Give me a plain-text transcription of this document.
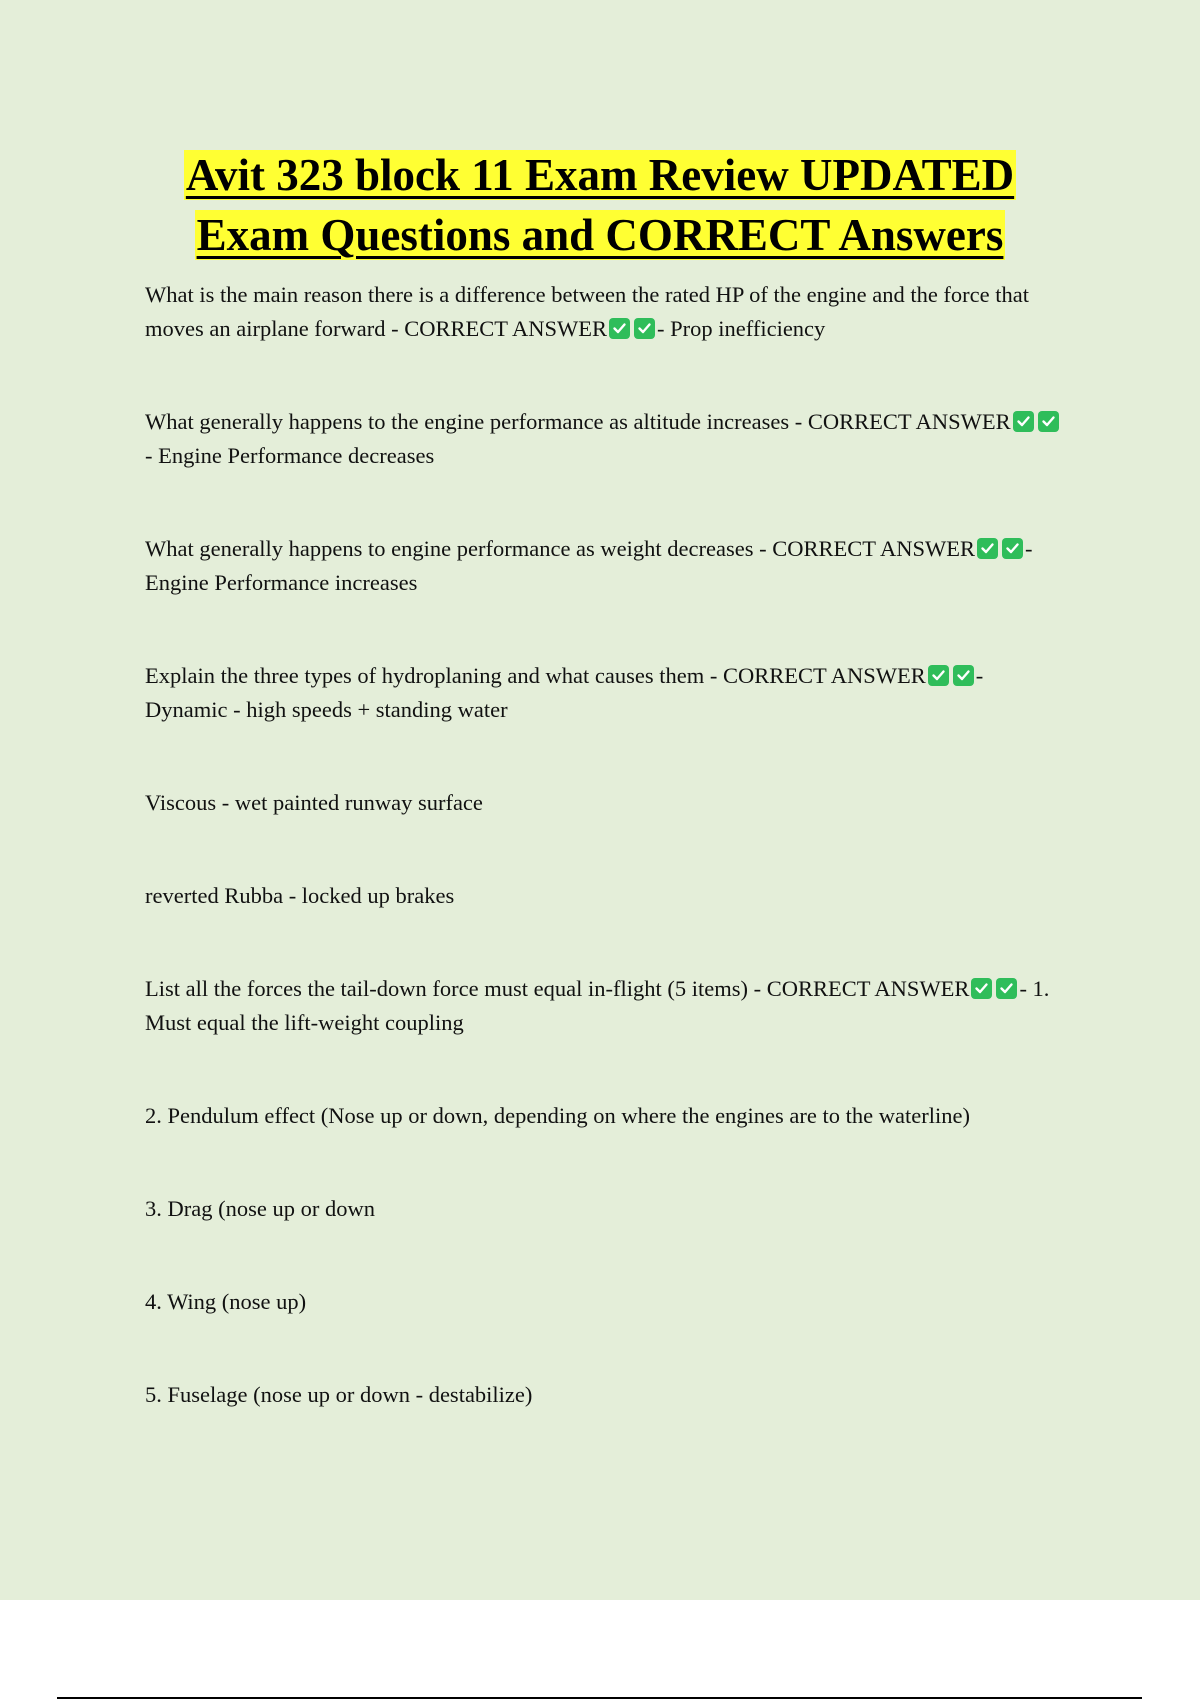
Avit 323 block 11 Exam Review UPDATED
Exam Questions and CORRECT Answers

What is the main reason there is a difference between the rated HP of the engine and the force that moves an airplane forward - CORRECT ANSWER - Prop inefficiency

What generally happens to the engine performance as altitude increases - CORRECT ANSWER
- Engine Performance decreases

What generally happens to engine performance as weight decreases - CORRECT ANSWER - Engine Performance increases

Explain the three types of hydroplaning and what causes them - CORRECT ANSWER - Dynamic - high speeds + standing water

Viscous - wet painted runway surface

reverted Rubba - locked up brakes

List all the forces the tail-down force must equal in-flight (5 items) - CORRECT ANSWER - 1. Must equal the lift-weight coupling

2. Pendulum effect (Nose up or down, depending on where the engines are to the waterline)

3. Drag (nose up or down

4. Wing (nose up)

5. Fuselage (nose up or down - destabilize)
